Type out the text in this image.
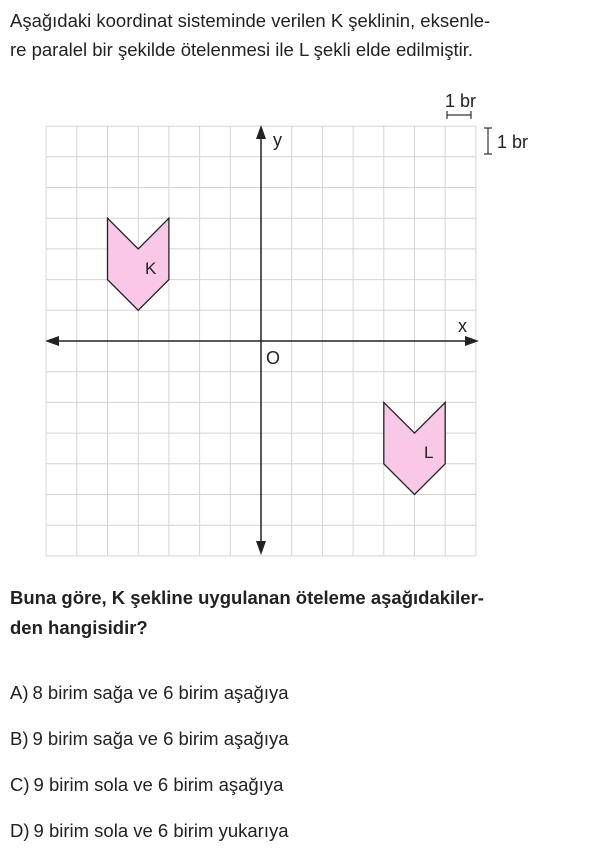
Aşağıdaki koordinat sisteminde verilen K şeklinin, eksenle-
re paralel bir şekilde ötelenmesi ile L şekli elde edilmiştir.
x
y
O
K
L
1 br
1 br
Buna göre, K şekline uygulanan öteleme aşağıdakiler-
den hangisidir?
A) 8 birim sağa ve 6 birim aşağıya
B) 9 birim sağa ve 6 birim aşağıya
C) 9 birim sola ve 6 birim aşağıya
D) 9 birim sola ve 6 birim yukarıya
